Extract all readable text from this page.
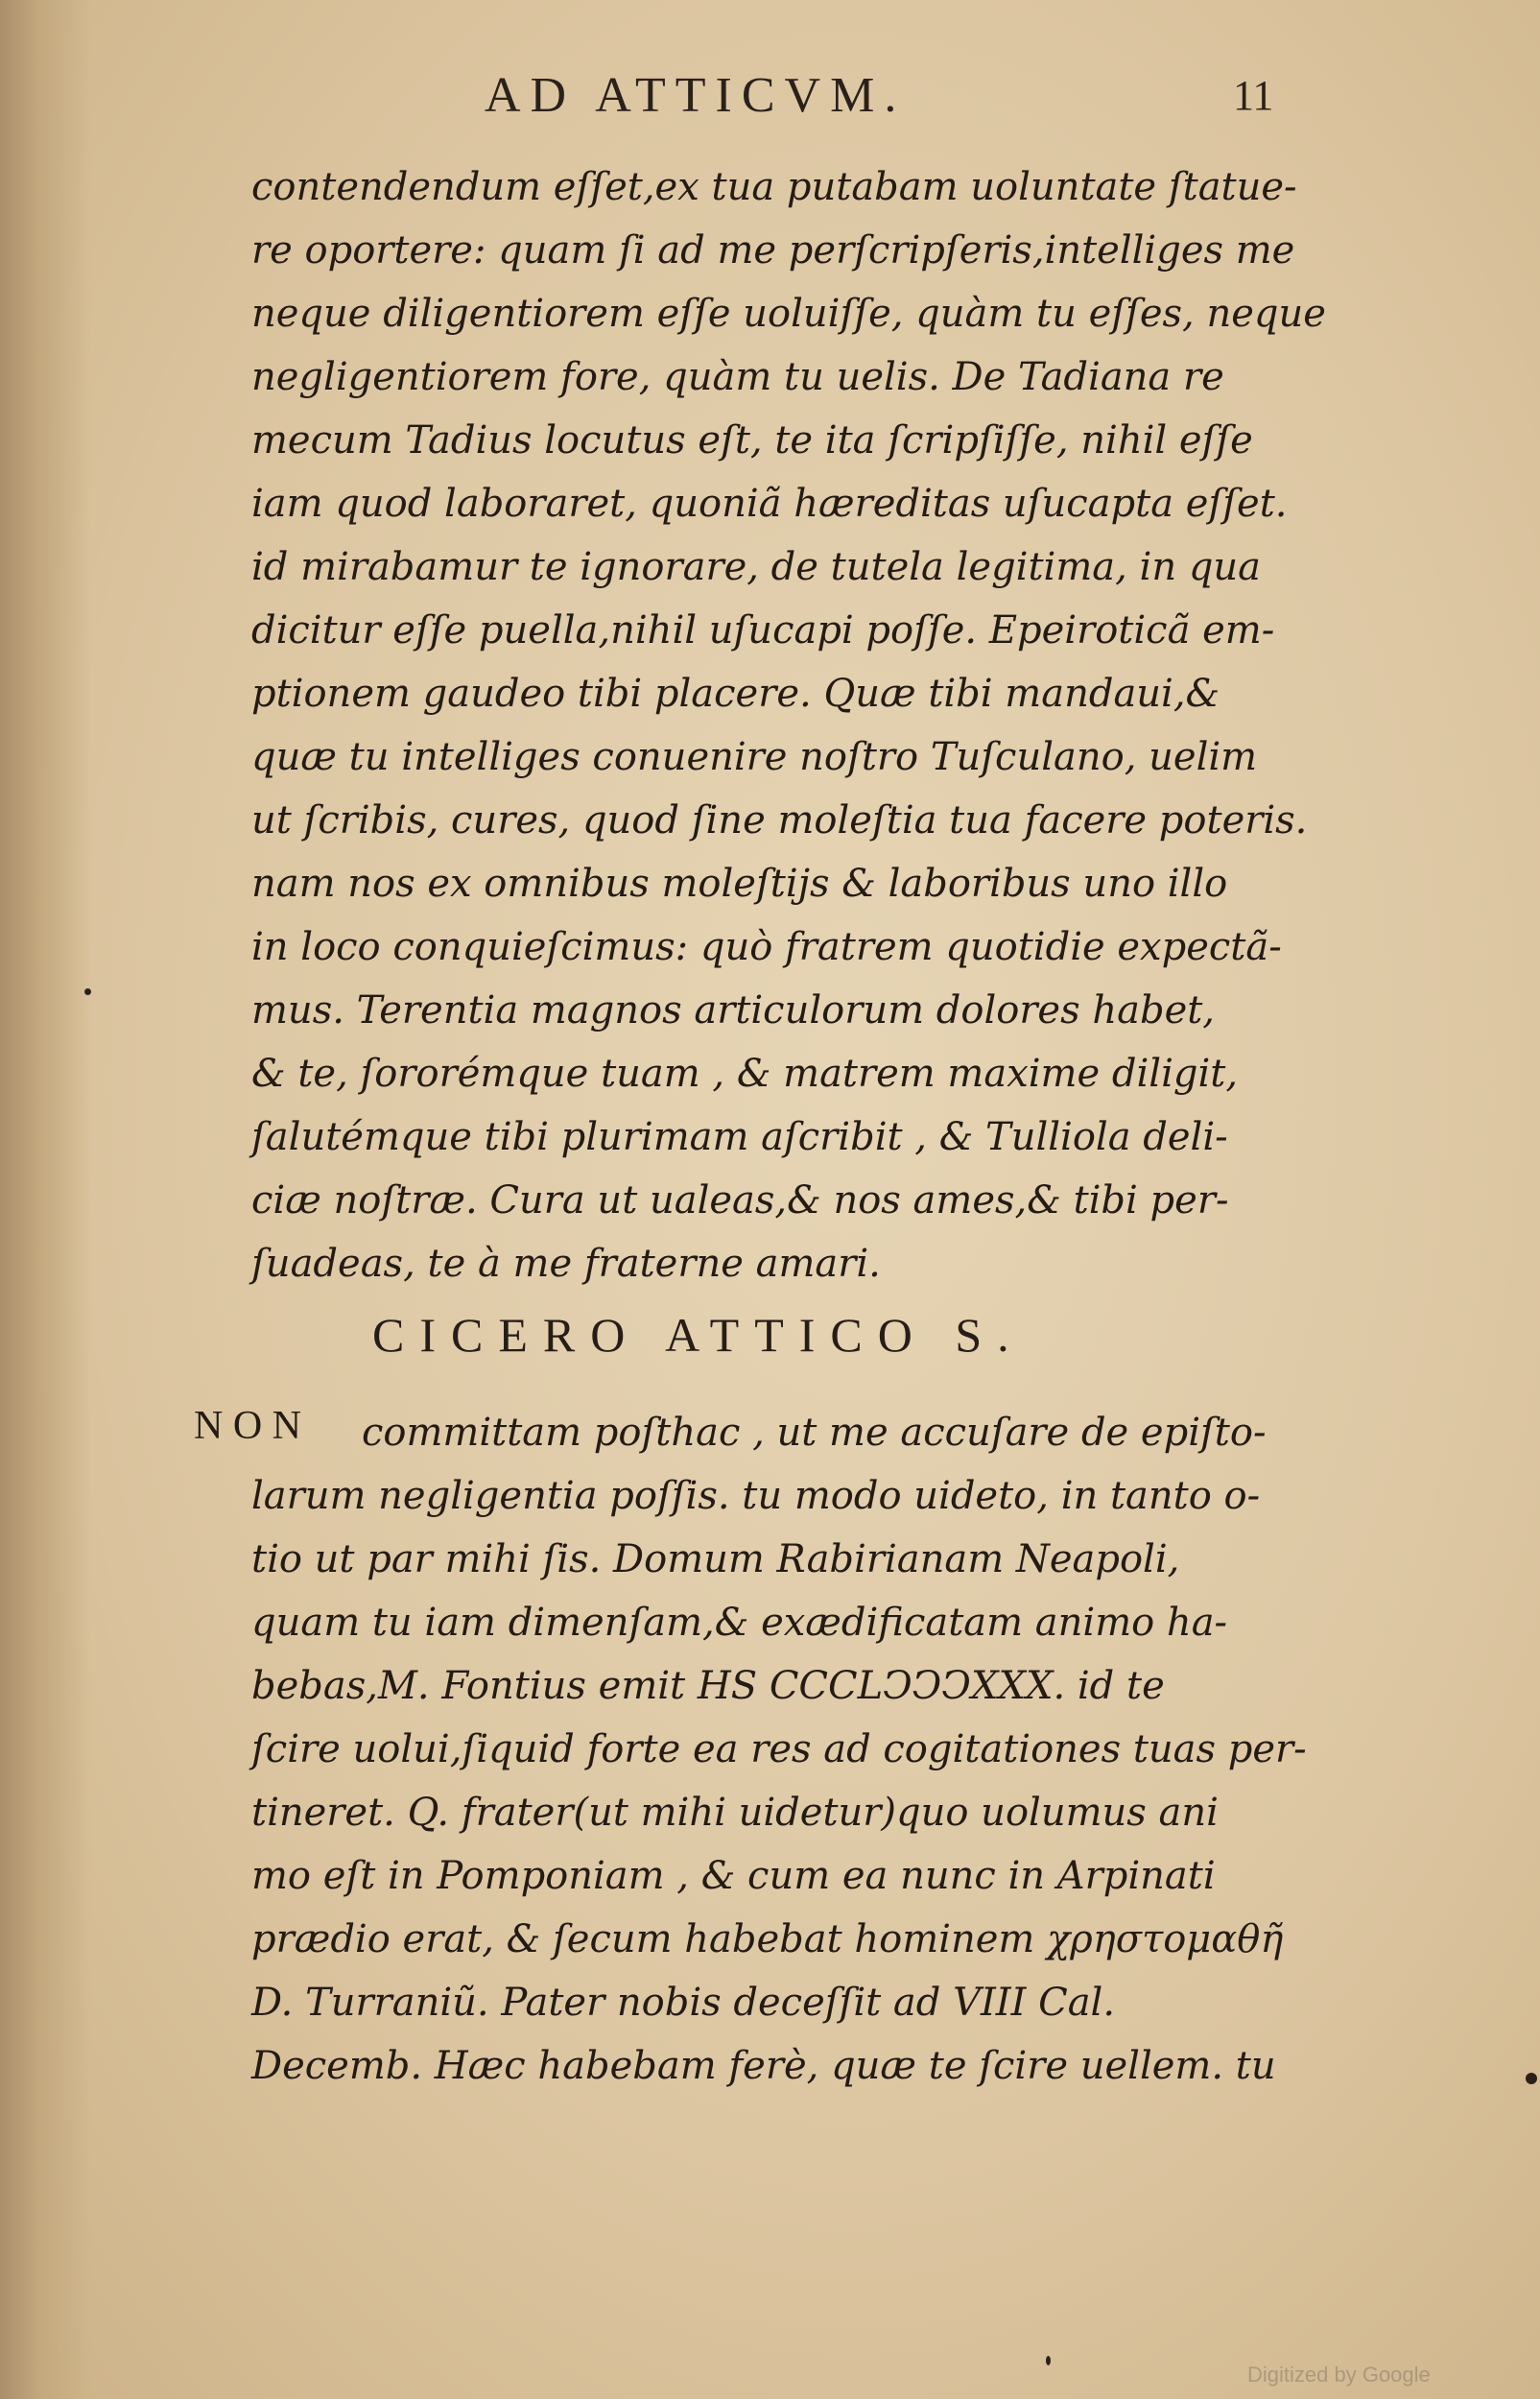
AD ATTICVM.	11
contendendum eſſet,ex tua putabam uoluntate ſtatue-
re oportere: quam ſi ad me perſcripſeris,intelliges me
neque diligentiorem eſſe uoluiſſe, quàm tu eſſes, neque
negligentiorem fore, quàm tu uelis. De Tadiana re
mecum Tadius locutus eſt, te ita ſcripſiſſe, nihil eſſe
iam quod laboraret, quoniã hæreditas uſucapta eſſet.
id mirabamur te ignorare, de tutela legitima, in qua
dicitur eſſe puella,nihil uſucapi poſſe. Epeiroticã em-
ptionem gaudeo tibi placere. Quæ tibi mandaui,&
quæ tu intelliges conuenire noſtro Tuſculano, uelim
ut ſcribis, cures, quod ſine moleſtia tua facere poteris.
nam nos ex omnibus moleſtijs & laboribus uno illo
in loco conquieſcimus: quò fratrem quotidie expectã-
mus. Terentia magnos articulorum dolores habet,
& te, ſororémque tuam , & matrem maxime diligit,
ſalutémque tibi plurimam aſcribit , & Tulliola deli-
ciæ noſtræ. Cura ut ualeas,& nos ames,& tibi per-
ſuadeas, te à me fraterne amari.
CICERO ATTICO S.
N O N	committam poſthac , ut me accuſare de epiſto-
larum negligentia poſſis. tu modo uideto, in tanto o-
tio ut par mihi ſis. Domum Rabirianam Neapoli,
quam tu iam dimenſam,& exædificatam animo ha-
bebas,M. Fontius emit HS CCCLↃↃↃXXX. id te
ſcire uolui,ſiquid forte ea res ad cogitationes tuas per-
tineret. Q. frater(ut mihi uidetur)quo uolumus ani
mo eſt in Pomponiam , & cum ea nunc in Arpinati
prædio erat, & ſecum habebat hominem χρηστομαθῆ
D. Turraniũ. Pater nobis deceſſit ad VIII Cal.
Decemb. Hæc habebam ferè, quæ te ſcire uellem. tu
Digitized by Google
